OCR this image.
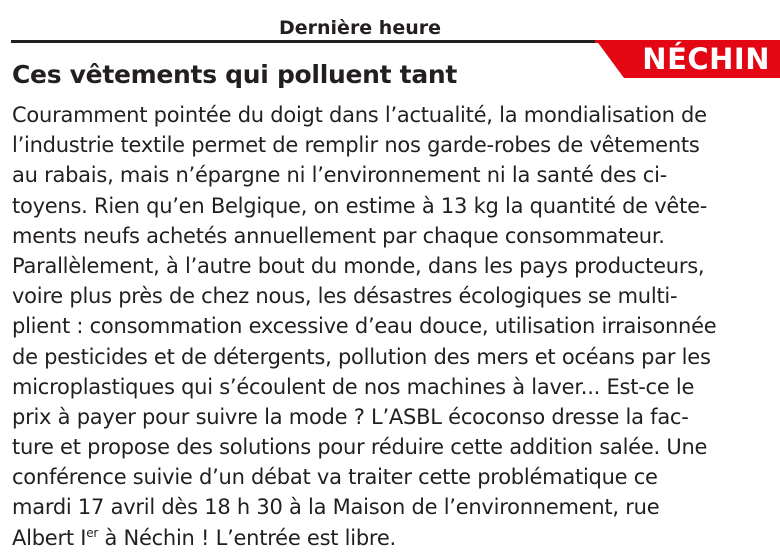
Dernière heure
NÉCHIN
Ces vêtements qui polluent tant
Couramment pointée du doigt dans l’actualité, la mondialisation de
l’industrie textile permet de remplir nos garde-robes de vêtements
au rabais, mais n’épargne ni l’environnement ni la santé des ci-
toyens. Rien qu’en Belgique, on estime à 13 kg la quantité de vête-
ments neufs achetés annuellement par chaque consommateur.
Parallèlement, à l’autre bout du monde, dans les pays producteurs,
voire plus près de chez nous, les désastres écologiques se multi-
plient : consommation excessive d’eau douce, utilisation irraisonnée
de pesticides et de détergents, pollution des mers et océans par les
microplastiques qui s’écoulent de nos machines à laver... Est-ce le
prix à payer pour suivre la mode ? L’ASBL écoconso dresse la fac-
ture et propose des solutions pour réduire cette addition salée. Une
conférence suivie d’un débat va traiter cette problématique ce
mardi 17 avril dès 18 h 30 à la Maison de l’environnement, rue
Albert Ier à Néchin ! L’entrée est libre.
